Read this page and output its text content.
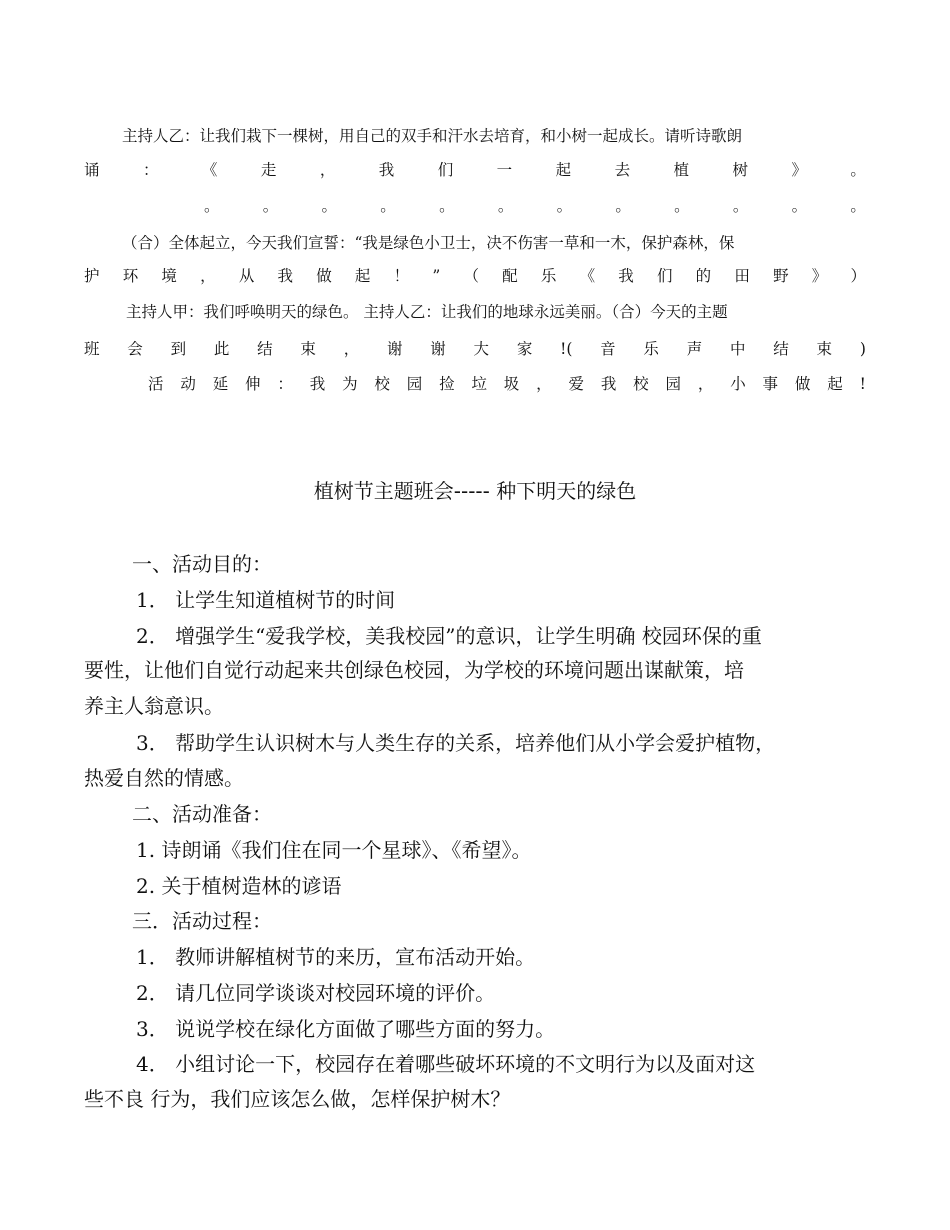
主持人乙：让我们栽下一棵树，用自己的双手和汗水去培育，和小树一起成长。请听诗歌朗
诵	：	《	走	，	我	们	一	起	去	植	树	》	。
。	。	。	。	。	。	。	。	。	。	。	。
（合）全体起立，今天我们宣誓：“我是绿色小卫士，决不伤害一草和一木，保护森林，保
护 环 境 ， 从 我 做 起 ！ ” （ 配 乐 《 我 们 的 田 野 》 ）
主持人甲：我们呼唤明天的绿色。 主持人乙：让我们的地球永远美丽。（合）今天的主题
班 会 到 此 结 束 ， 谢 谢 大 家 !( 音 乐 声 中 结 束 )
活 动 延 伸 ： 我 为 校 园 捡 垃 圾 ， 爱 我 校 园 ， 小 事 做 起 !
植树节主题班会----- 种下明天的绿色
一、活动目的：
1． 让学生知道植树节的时间
2． 增强学生“爱我学校，美我校园”的意识，让学生明确 校园环保的重
要性，让他们自觉行动起来共创绿色校园，为学校的环境问题出谋献策，培
养主人翁意识。
3． 帮助学生认识树木与人类生存的关系，培养他们从小学会爱护植物，
热爱自然的情感。
二、活动准备：
1. 诗朗诵《我们住在同一个星球》、《希望》。
2. 关于植树造林的谚语
三．活动过程：
1． 教师讲解植树节的来历，宣布活动开始。
2． 请几位同学谈谈对校园环境的评价。
3． 说说学校在绿化方面做了哪些方面的努力。
4． 小组讨论一下，校园存在着哪些破坏环境的不文明行为以及面对这
些不良 行为，我们应该怎么做，怎样保护树木？
